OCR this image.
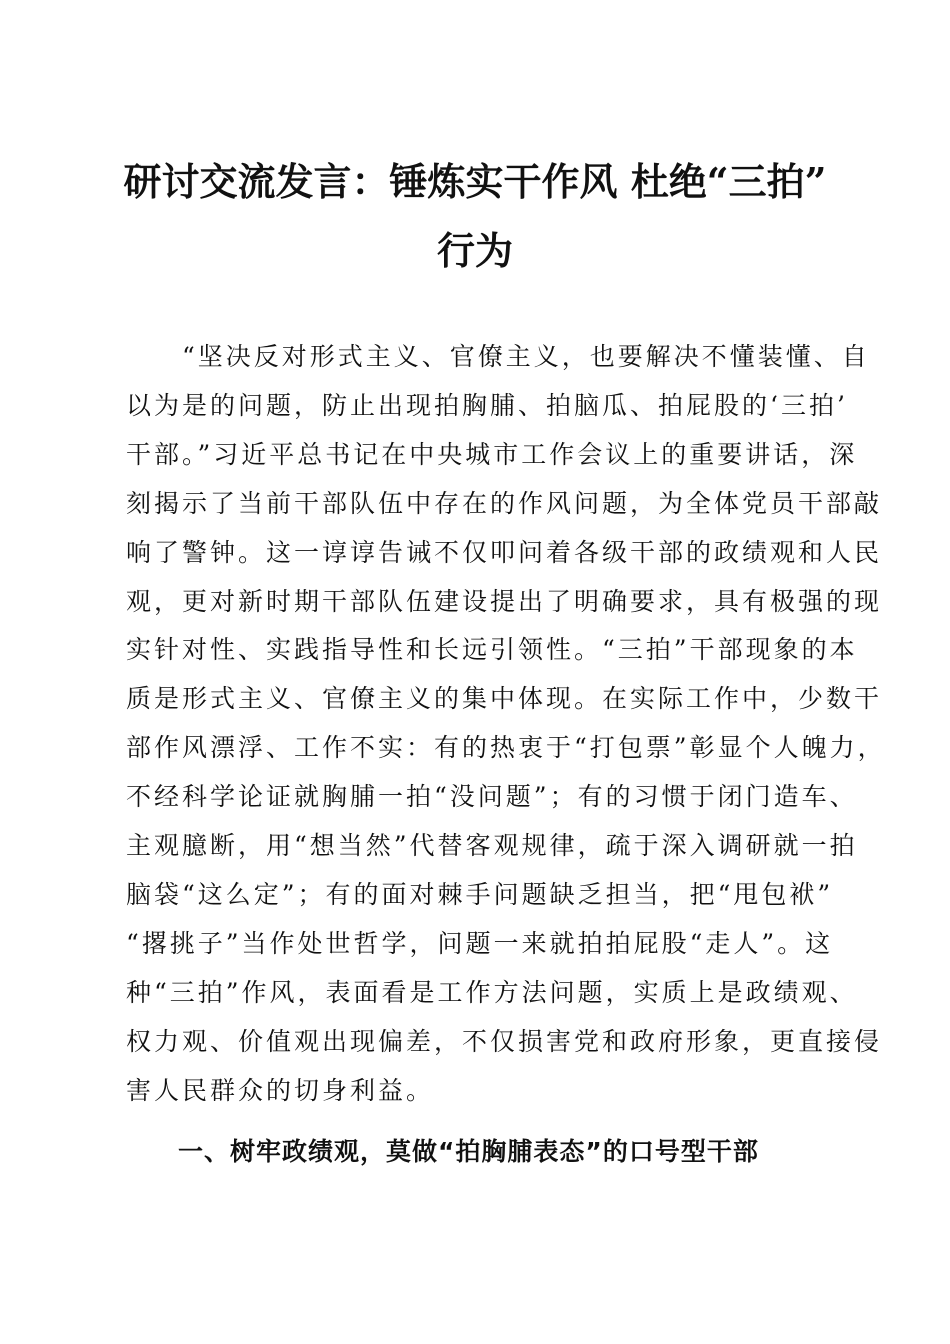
研讨交流发言：锤炼实干作风 杜绝“三拍”
行为
　　“坚决反对形式主义、官僚主义，也要解决不懂装懂、自
以为是的问题，防止出现拍胸脯、拍脑瓜、拍屁股的‘三拍’
干部。”习近平总书记在中央城市工作会议上的重要讲话，深
刻揭示了当前干部队伍中存在的作风问题，为全体党员干部敲
响了警钟。这一谆谆告诫不仅叩问着各级干部的政绩观和人民
观，更对新时期干部队伍建设提出了明确要求，具有极强的现
实针对性、实践指导性和长远引领性。“三拍”干部现象的本
质是形式主义、官僚主义的集中体现。在实际工作中，少数干
部作风漂浮、工作不实：有的热衷于“打包票”彰显个人魄力，
不经科学论证就胸脯一拍“没问题”；有的习惯于闭门造车、
主观臆断，用“想当然”代替客观规律，疏于深入调研就一拍
脑袋“这么定”；有的面对棘手问题缺乏担当，把“甩包袱”
“撂挑子”当作处世哲学，问题一来就拍拍屁股“走人”。这
种“三拍”作风，表面看是工作方法问题，实质上是政绩观、
权力观、价值观出现偏差，不仅损害党和政府形象，更直接侵
害人民群众的切身利益。
一、树牢政绩观，莫做“拍胸脯表态”的口号型干部
